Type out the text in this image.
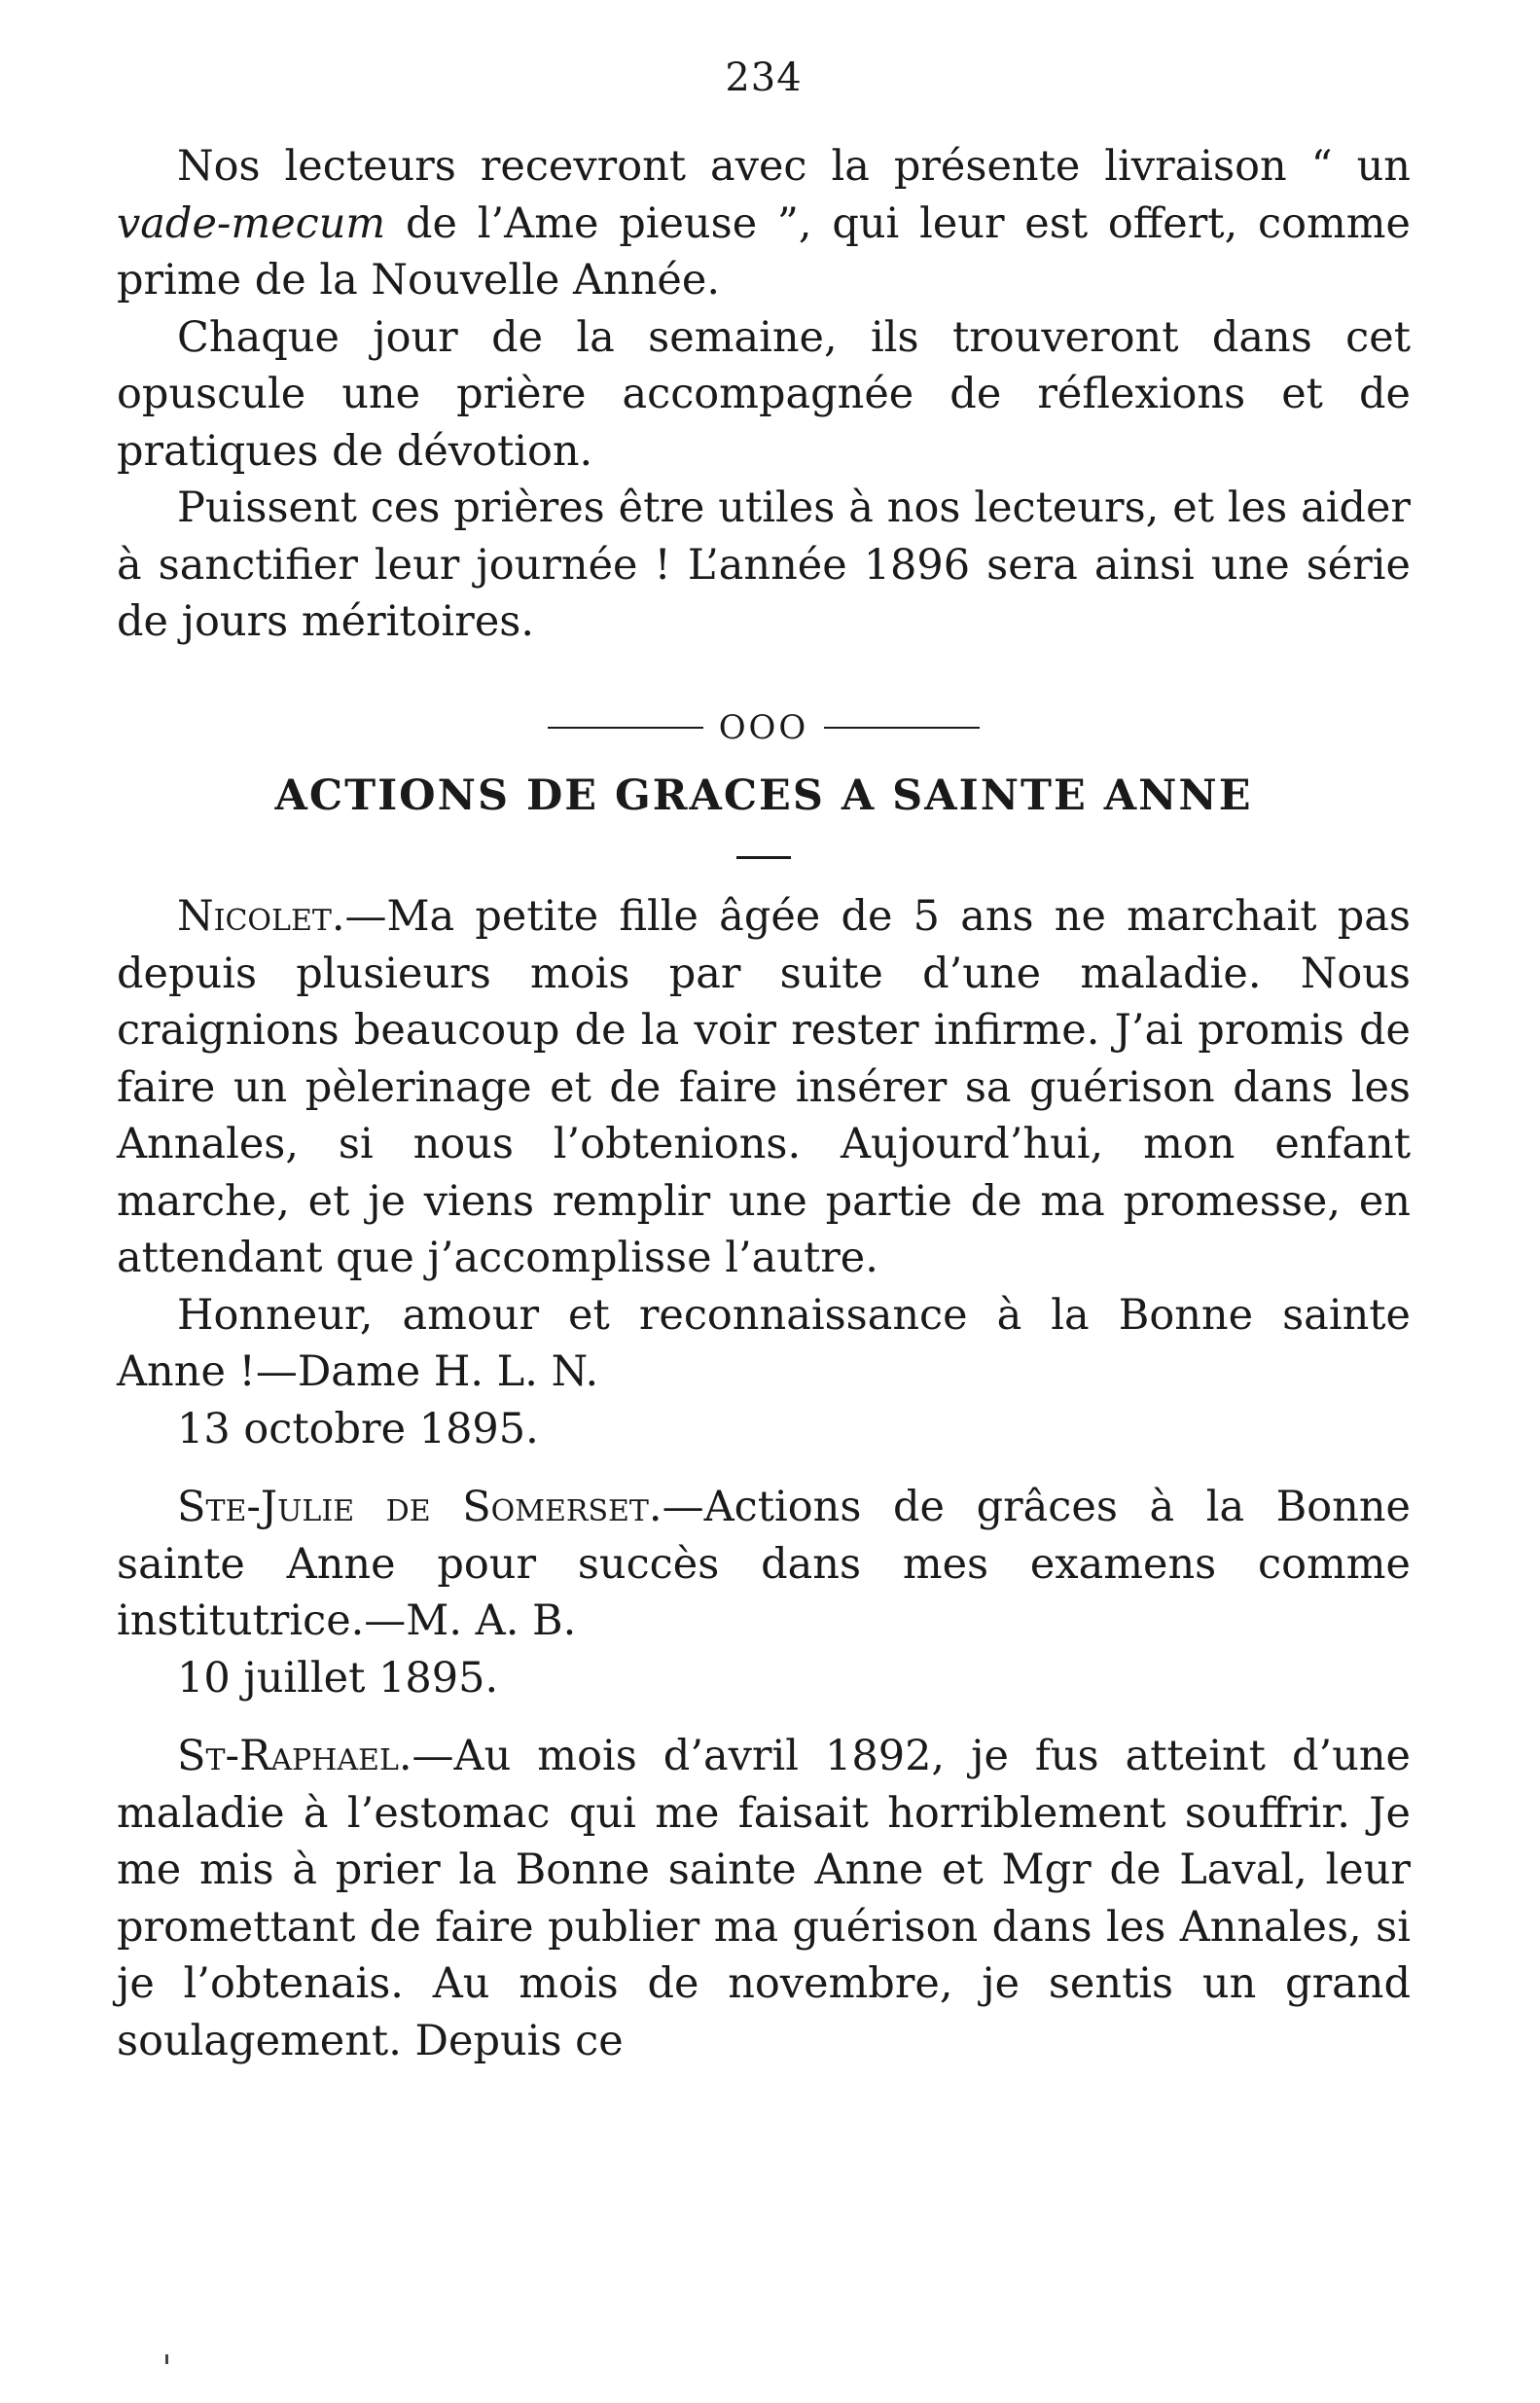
234

Nos lecteurs recevront avec la présente livraison “ un vade-mecum de l’Ame pieuse ”, qui leur est offert, comme prime de la Nouvelle Année.

Chaque jour de la semaine, ils trouveront dans cet opuscule une prière accompagnée de réflexions et de pratiques de dévotion.

Puissent ces prières être utiles à nos lecteurs, et les aider à sanctifier leur journée ! L’année 1896 sera ainsi une série de jours méritoires.

OOO
ACTIONS DE GRACES A SAINTE ANNE

Nicolet.—Ma petite fille âgée de 5 ans ne marchait pas depuis plusieurs mois par suite d’une maladie. Nous craignions beaucoup de la voir rester infirme. J’ai promis de faire un pèlerinage et de faire insérer sa guérison dans les Annales, si nous l’obtenions. Aujourd’hui, mon enfant marche, et je viens remplir une partie de ma promesse, en attendant que j’accomplisse l’autre.

Honneur, amour et reconnaissance à la Bonne sainte Anne !—Dame H. L. N.

13 octobre 1895.

Ste-Julie de Somerset.—Actions de grâces à la Bonne sainte Anne pour succès dans mes examens comme institutrice.—M. A. B.

10 juillet 1895.

St-Raphael.—Au mois d’avril 1892, je fus atteint d’une maladie à l’estomac qui me faisait horriblement souffrir. Je me mis à prier la Bonne sainte Anne et Mgr de Laval, leur promettant de faire publier ma guérison dans les Annales, si je l’obtenais. Au mois de novembre, je sentis un grand soulagement. Depuis ce
